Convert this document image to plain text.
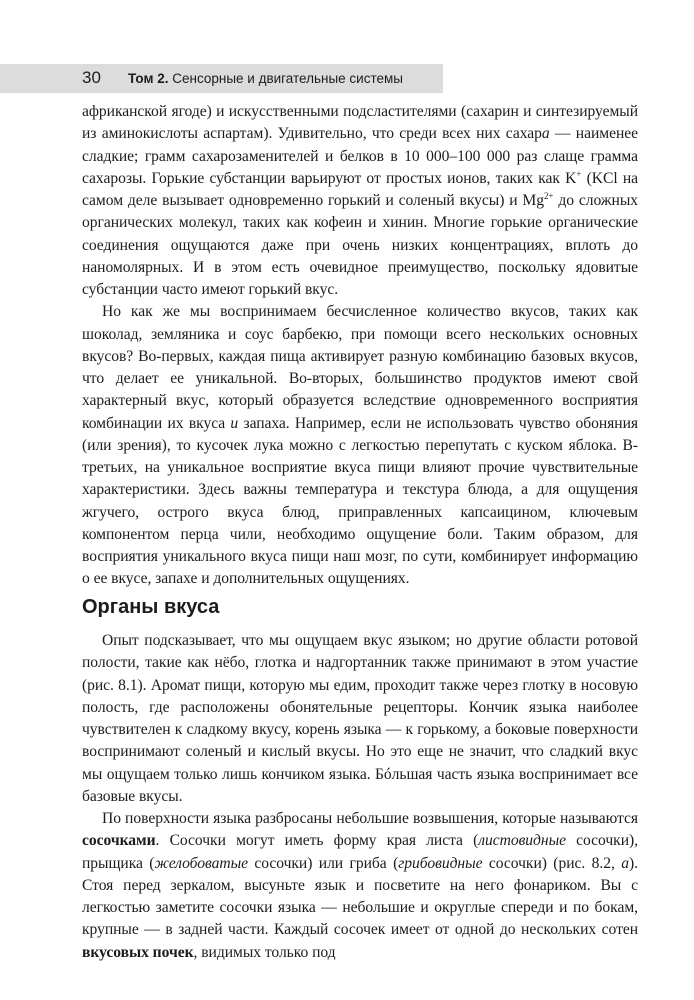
30 Том 2. Сенсорные и двигательные системы

африканской ягоде) и искусственными подсластителями (сахарин и синтезируемый из аминокислоты аспартам). Удивительно, что среди всех них сахара — наименее сладкие; грамм сахарозаменителей и белков в 10 000–100 000 раз слаще грамма сахарозы. Горькие субстанции варьируют от простых ионов, таких как K+ (KCl на самом деле вызывает одновременно горький и соленый вкусы) и $Mg^{2+}$ до сложных органических молекул, таких как кофеин и хинин. Многие горькие органические соединения ощущаются даже при очень низких концентрациях, вплоть до наномолярных. И в этом есть очевидное преимущество, поскольку ядовитые субстанции часто имеют горький вкус.

Но как же мы воспринимаем бесчисленное количество вкусов, таких как шоколад, земляника и соус барбекю, при помощи всего нескольких основных вкусов? Во-первых, каждая пища активирует разную комбинацию базовых вкусов, что делает ее уникальной. Во-вторых, большинство продуктов имеют свой характерный вкус, который образуется вследствие одновременного восприятия комбинации их вкуса и запаха. Например, если не использовать чувство обоняния (или зрения), то кусочек лука можно с легкостью перепутать с куском яблока. В-третьих, на уникальное восприятие вкуса пищи влияют прочие чувствительные характеристики. Здесь важны температура и текстура блюда, а для ощущения жгучего, острого вкуса блюд, приправленных капсаицином, ключевым компонентом перца чили, необходимо ощущение боли. Таким образом, для восприятия уникального вкуса пищи наш мозг, по сути, комбинирует информацию о ее вкусе, запахе и дополнительных ощущениях.

Органы вкуса

Опыт подсказывает, что мы ощущаем вкус языком; но другие области ротовой полости, такие как нёбо, глотка и надгортанник также принимают в этом участие (рис. 8.1). Аромат пищи, которую мы едим, проходит также через глотку в носовую полость, где расположены обонятельные рецепторы. Кончик языка наиболее чувствителен к сладкому вкусу, корень языка — к горькому, а боковые поверхности воспринимают соленый и кислый вкусы. Но это еще не значит, что сладкий вкус мы ощущаем только лишь кончиком языка. Бóльшая часть языка воспринимает все базовые вкусы.

По поверхности языка разбросаны небольшие возвышения, которые называются сосочками. Сосочки могут иметь форму края листа (листовидные сосочки), прыщика (желобоватые сосочки) или гриба (грибовидные сосочки) (рис. 8.2, а). Стоя перед зеркалом, высуньте язык и посветите на него фонариком. Вы с легкостью заметите сосочки языка — небольшие и округлые спереди и по бокам, крупные — в задней части. Каждый сосочек имеет от одной до нескольких сотен вкусовых почек, видимых только под
